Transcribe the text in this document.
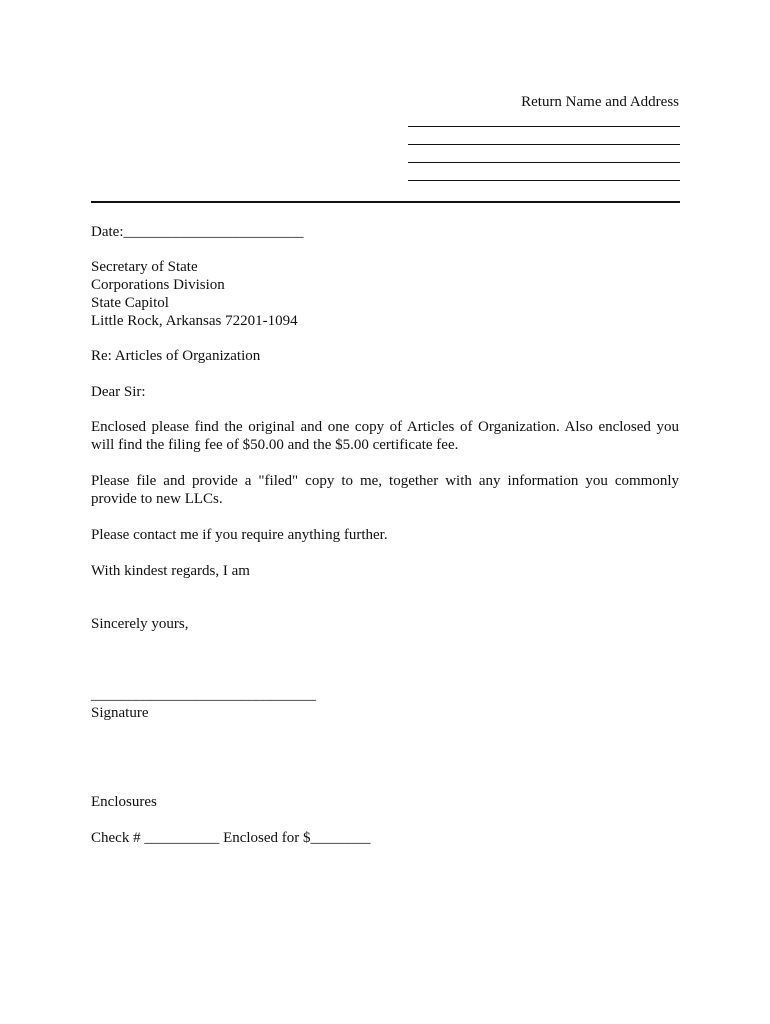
Return Name and Address
Date:________________________
Secretary of State
Corporations Division
State Capitol
Little Rock, Arkansas 72201-1094
Re: Articles of Organization
Dear Sir:
Enclosed please find the original and one copy of Articles of Organization. Also enclosed you will find the filing fee of $50.00 and the $5.00 certificate fee.
Please file and provide a "filed" copy to me, together with any information you commonly provide to new LLCs.
Please contact me if you require anything further.
With kindest regards, I am
Sincerely yours,
______________________________
Signature
Enclosures
Check # __________ Enclosed for $________
